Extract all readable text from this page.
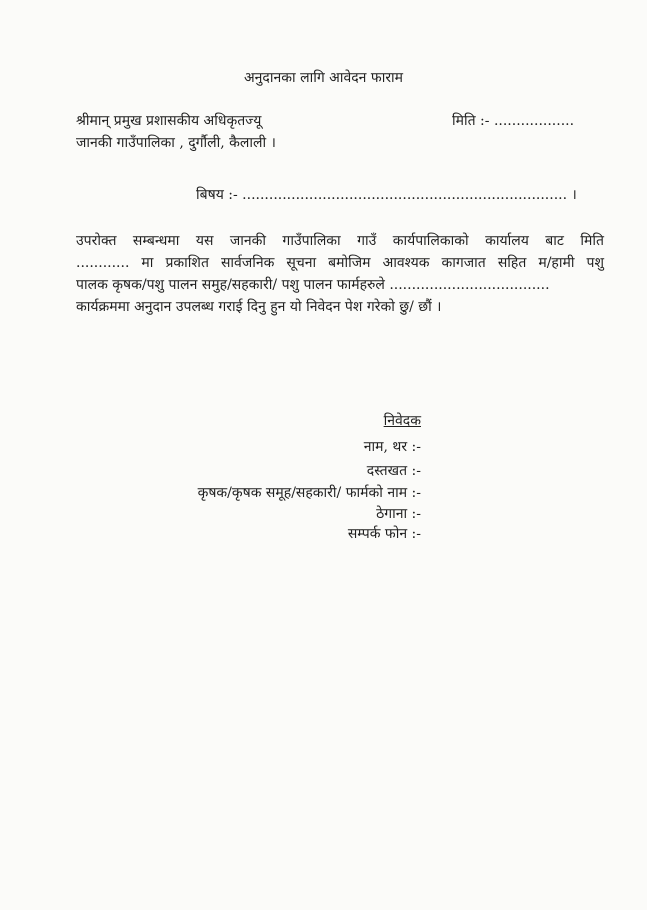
अनुदानका लागि आवेदन फाराम
श्रीमान् प्रमुख प्रशासकीय अधिकृतज्यू	मिति :- ..................
जानकी गाउँपालिका , दुर्गौली, कैलाली ।
बिषय :- ......................................................................... ।
उपरोक्त सम्बन्धमा यस जानकी गाउँपालिका गाउँ कार्यपालिकाको कार्यालय बाट मिति
............ मा प्रकाशित सार्वजनिक सूचना बमोजिम आवश्यक कागजात सहित म/हामी पशु
पालक कृषक/पशु पालन समुह/सहकारी/ पशु पालन फार्महरुले ....................................
कार्यक्रममा अनुदान उपलब्ध गराई दिनु हुन यो निवेदन पेश गरेको छु/ छौं ।
निवेदक
नाम, थर :-
दस्तखत :-
कृषक/कृषक समूह/सहकारी/ फार्मको नाम :-
ठेगाना :-
सम्पर्क फोन :-
